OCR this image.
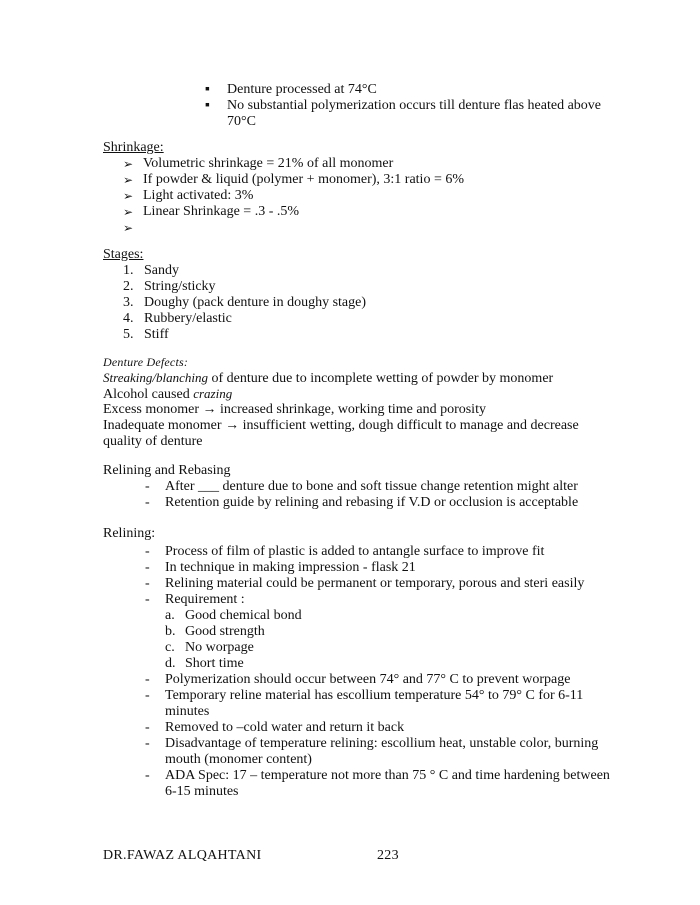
▪ Denture processed at 74°C
▪ No substantial polymerization occurs till denture flas heated above 70°C
Shrinkage:
➢ Volumetric shrinkage = 21% of all monomer
➢ If powder & liquid (polymer + monomer), 3:1 ratio = 6%
➢ Light activated: 3%
➢ Linear Shrinkage = .3 - .5%
➢
Stages:
1. Sandy
2. String/sticky
3. Doughy (pack denture in doughy stage)
4. Rubbery/elastic
5. Stiff
Denture Defects:
Streaking/blanching of denture due to incomplete wetting of powder by monomer
Alcohol caused crazing
Excess monomer → increased shrinkage, working time and porosity
Inadequate monomer → insufficient wetting, dough difficult to manage and decrease quality of denture
Relining and Rebasing
- After ___ denture due to bone and soft tissue change retention might alter
- Retention guide by relining and rebasing if V.D or occlusion is acceptable
Relining:
- Process of film of plastic is added to antangle surface to improve fit
- In technique in making impression - flask 21
- Relining material could be permanent or temporary, porous and steri easily
- Requirement :
a. Good chemical bond
b. Good strength
c. No worpage
d. Short time
- Polymerization should occur between 74° and 77° C to prevent worpage
- Temporary reline material has escollium temperature 54° to 79° C for 6-11 minutes
- Removed to –cold water and return it back
- Disadvantage of temperature relining: escollium heat, unstable color, burning mouth (monomer content)
- ADA Spec: 17 – temperature not more than 75 ° C and time hardening between 6-15 minutes
DR.FAWAZ ALQAHTANI	223
